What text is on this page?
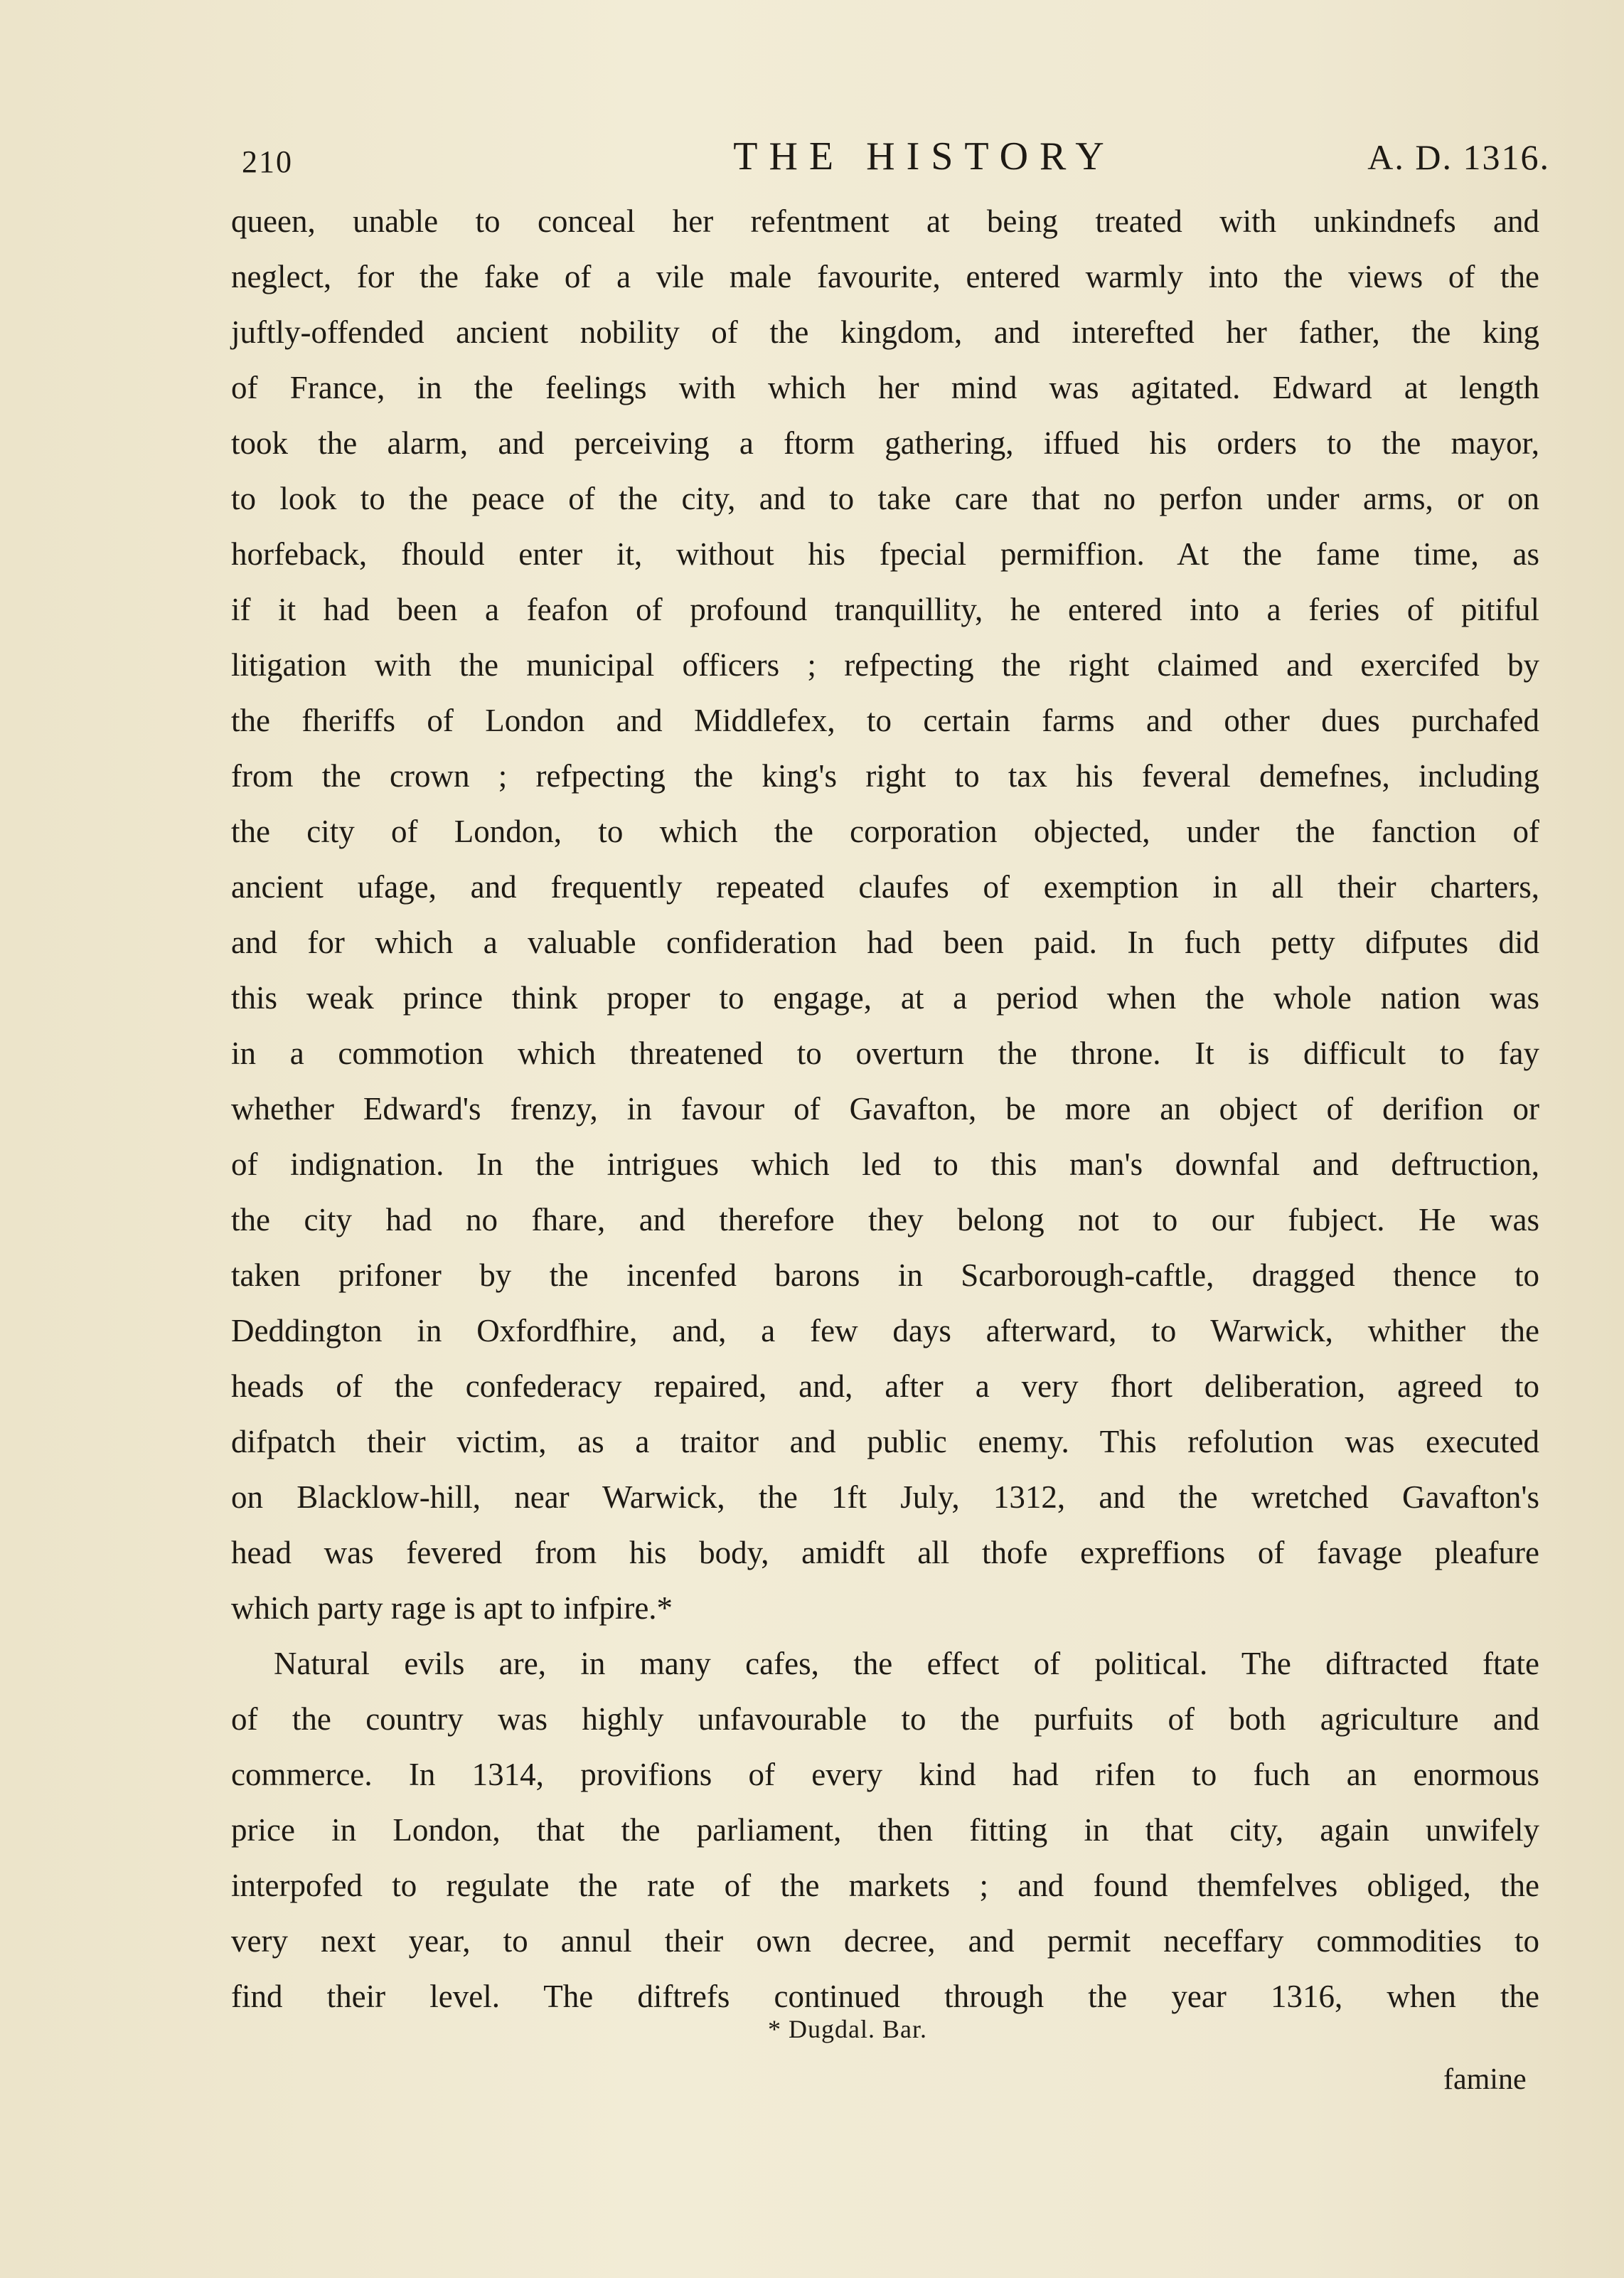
210	THE HISTORY	A. D. 1316.
queen, unable to conceal her refentment at being treated with unkindnefs and
neglect, for the fake of a vile male favourite, entered warmly into the views of the
juftly-offended ancient nobility of the kingdom, and interefted her father, the king
of France, in the feelings with which her mind was agitated. Edward at length
took the alarm, and perceiving a ftorm gathering, iffued his orders to the mayor,
to look to the peace of the city, and to take care that no perfon under arms, or on
horfeback, fhould enter it, without his fpecial permiffion. At the fame time, as
if it had been a feafon of profound tranquillity, he entered into a feries of pitiful
litigation with the municipal officers ; refpecting the right claimed and exercifed by
the fheriffs of London and Middlefex, to certain farms and other dues purchafed
from the crown ; refpecting the king's right to tax his feveral demefnes, including
the city of London, to which the corporation objected, under the fanction of
ancient ufage, and frequently repeated claufes of exemption in all their charters,
and for which a valuable confideration had been paid. In fuch petty difputes did
this weak prince think proper to engage, at a period when the whole nation was
in a commotion which threatened to overturn the throne. It is difficult to fay
whether Edward's frenzy, in favour of Gavafton, be more an object of derifion or
of indignation. In the intrigues which led to this man's downfal and deftruction,
the city had no fhare, and therefore they belong not to our fubject. He was
taken prifoner by the incenfed barons in Scarborough-caftle, dragged thence to
Deddington in Oxfordfhire, and, a few days afterward, to Warwick, whither the
heads of the confederacy repaired, and, after a very fhort deliberation, agreed to
difpatch their victim, as a traitor and public enemy. This refolution was executed
on Blacklow-hill, near Warwick, the 1ft July, 1312, and the wretched Gavafton's
head was fevered from his body, amidft all thofe expreffions of favage pleafure
which party rage is apt to infpire.*
Natural evils are, in many cafes, the effect of political. The diftracted ftate
of the country was highly unfavourable to the purfuits of both agriculture and
commerce. In 1314, provifions of every kind had rifen to fuch an enormous
price in London, that the parliament, then fitting in that city, again unwifely
interpofed to regulate the rate of the markets ; and found themfelves obliged, the
very next year, to annul their own decree, and permit neceffary commodities to
find their level. The diftrefs continued through the year 1316, when the
* Dugdal. Bar.
famine
